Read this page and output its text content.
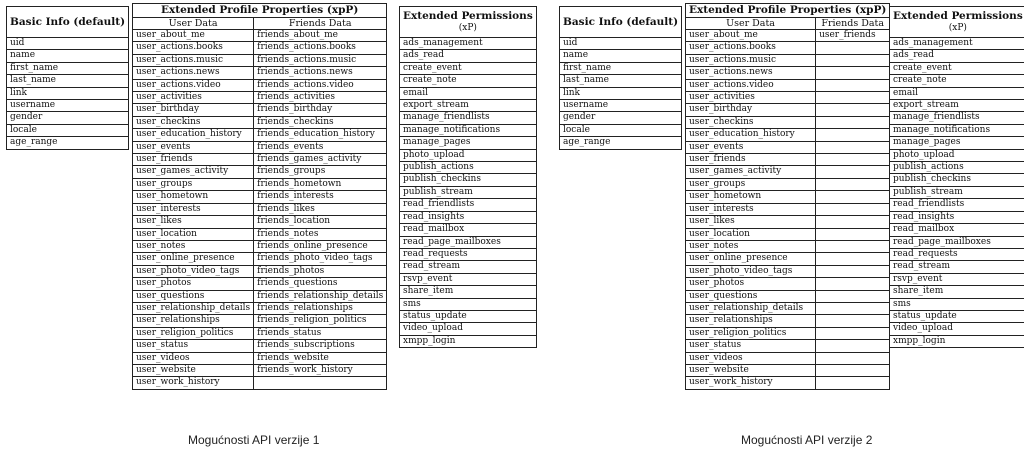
Basic Info (default)
uid
name
first_name
last_name
link
username
gender
locale
age_range
Extended Profile Properties (xpP)	
User Data	Friends Data
user_about_me	friends_about_me
user_actions.books	friends_actions.books
user_actions.music	friends_actions.music
user_actions.news	friends_actions.news
user_actions.video	friends_actions.video
user_activities	friends_activities
user_birthday	friends_birthday
user_checkins	friends_checkins
user_education_history	friends_education_history
user_events	friends_events
user_friends	friends_games_activity
user_games_activity	friends_groups
user_groups	friends_hometown
user_hometown	friends_interests
user_interests	friends_likes
user_likes	friends_location
user_location	friends_notes
user_notes	friends_online_presence
user_online_presence	friends_photo_video_tags
user_photo_video_tags	friends_photos
user_photos	friends_questions
user_questions	friends_relationship_details
user_relationship_details	friends_relationships
user_relationships	friends_religion_politics
user_religion_politics	friends_status
user_status	friends_subscriptions
user_videos	friends_website
user_website	friends_work_history
user_work_history	
Extended Permissions
(xP)

ads_management
ads_read
create_event
create_note
email
export_stream
manage_friendlists
manage_notifications
manage_pages
photo_upload
publish_actions
publish_checkins
publish_stream
read_friendlists
read_insights
read_mailbox
read_page_mailboxes
read_requests
read_stream
rsvp_event
share_item
sms
status_update
video_upload
xmpp_login
Mogućnosti API verzije 1
Basic Info (default)
uid
name
first_name
last_name
link
username
gender
locale
age_range
Extended Profile Properties (xpP)	
User Data	Friends Data
user_about_me	user_friends
user_actions.books	
user_actions.music	
user_actions.news	
user_actions.video	
user_activities	
user_birthday	
user_checkins	
user_education_history	
user_events	
user_friends	
user_games_activity	
user_groups	
user_hometown	
user_interests	
user_likes	
user_location	
user_notes	
user_online_presence	
user_photo_video_tags	
user_photos	
user_questions	
user_relationship_details	
user_relationships	
user_religion_politics	
user_status	
user_videos	
user_website	
user_work_history	
Extended Permissions
(xP)

ads_management
ads_read
create_event
create_note
email
export_stream
manage_friendlists
manage_notifications
manage_pages
photo_upload
publish_actions
publish_checkins
publish_stream
read_friendlists
read_insights
read_mailbox
read_page_mailboxes
read_requests
read_stream
rsvp_event
share_item
sms
status_update
video_upload
xmpp_login
Mogućnosti API verzije 2
